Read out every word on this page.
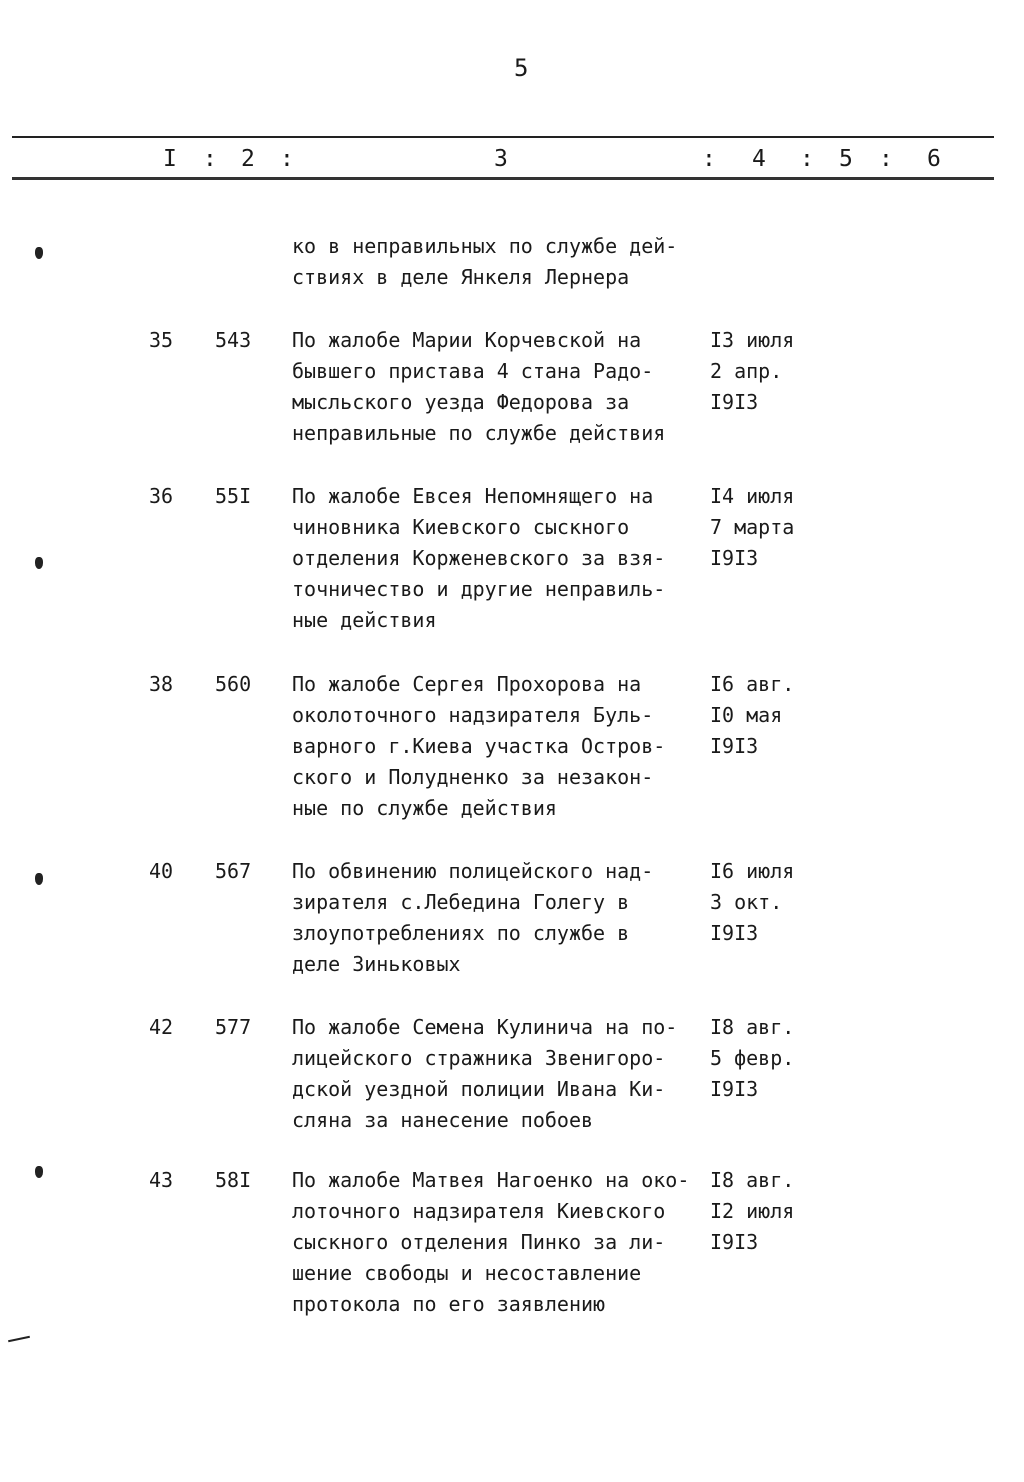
5
I : 2 :	3	: 4 : 5 : 6
ко в неправильных по службе дей-
ствиях в деле Янкеля Лернера
35 543 По жалобе Марии Корчевской на
бывшего пристава 4 стана Радо-
мысльского уезда Федорова за
неправильные по службе действия
I3 июля
2 апр.
I9I3
36 55I По жалобе Евсея Непомнящего на
чиновника Киевского сыскного
отделения Корженевского за взя-
точничество и другие неправиль-
ные действия
I4 июля
7 марта
I9I3
38 560 По жалобе Сергея Прохорова на
околоточного надзирателя Буль-
варного г.Киева участка Остров-
ского и Полудненко за незакон-
ные по службе действия
I6 авг.
I0 мая
I9I3
40 567 По обвинению полицейского над-
зирателя с.Лебедина Голегу в
злоупотреблениях по службе в
деле Зиньковых
I6 июля
3 окт.
I9I3
42 577 По жалобе Семена Кулинича на по-
лицейского стражника Звенигоро-
дской уездной полиции Ивана Ки-
сляна за нанесение побоев
I8 авг.
5 февр.
I9I3
43 58I По жалобе Матвея Нагоенко на око-
лоточного надзирателя Киевского
сыскного отделения Пинко за ли-
шение свободы и несоставление
протокола по его заявлению
I8 авг.
I2 июля
I9I3
